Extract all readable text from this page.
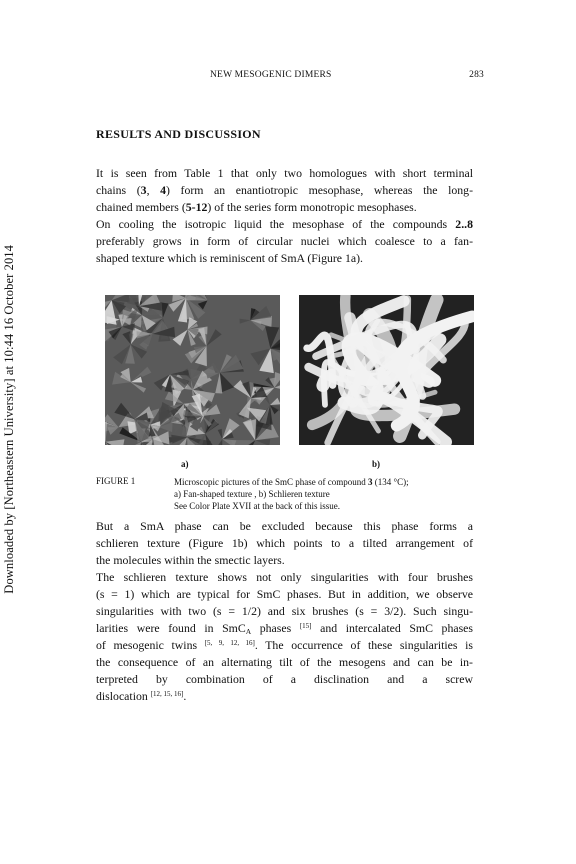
Downloaded by [Northeastern University] at 10:44 16 October 2014
NEW MESOGENIC DIMERS	283
RESULTS AND DISCUSSION
It is seen from Table 1 that only two homologues with short terminal
chains (3, 4) form an enantiotropic mesophase, whereas the long-
chained members (5-12) of the series form monotropic mesophases.
On cooling the isotropic liquid the mesophase of the compounds 2..8
preferably grows in form of circular nuclei which coalesce to a fan-
shaped texture which is reminiscent of SmA (Figure 1a).
a)	b)
FIGURE 1	Microscopic pictures of the SmC phase of compound 3 (134 °C);
a) Fan-shaped texture , b) Schlieren texture
See Color Plate XVII at the back of this issue.
But a SmA phase can be excluded because this phase forms a
schlieren texture (Figure 1b) which points to a tilted arrangement of
the molecules within the smectic layers.
The schlieren texture shows not only singularities with four brushes
(s = 1) which are typical for SmC phases. But in addition, we observe
singularities with two (s = 1/2) and six brushes (s = 3/2). Such singu-
larities were found in SmC$_A$ phases [15] and intercalated SmC phases
of mesogenic twins [5, 9, 12, 16]. The occurrence of these singularities is
the consequence of an alternating tilt of the mesogens and can be in-
terpreted by combination of a disclination and a screw
dislocation [12, 15, 16].
